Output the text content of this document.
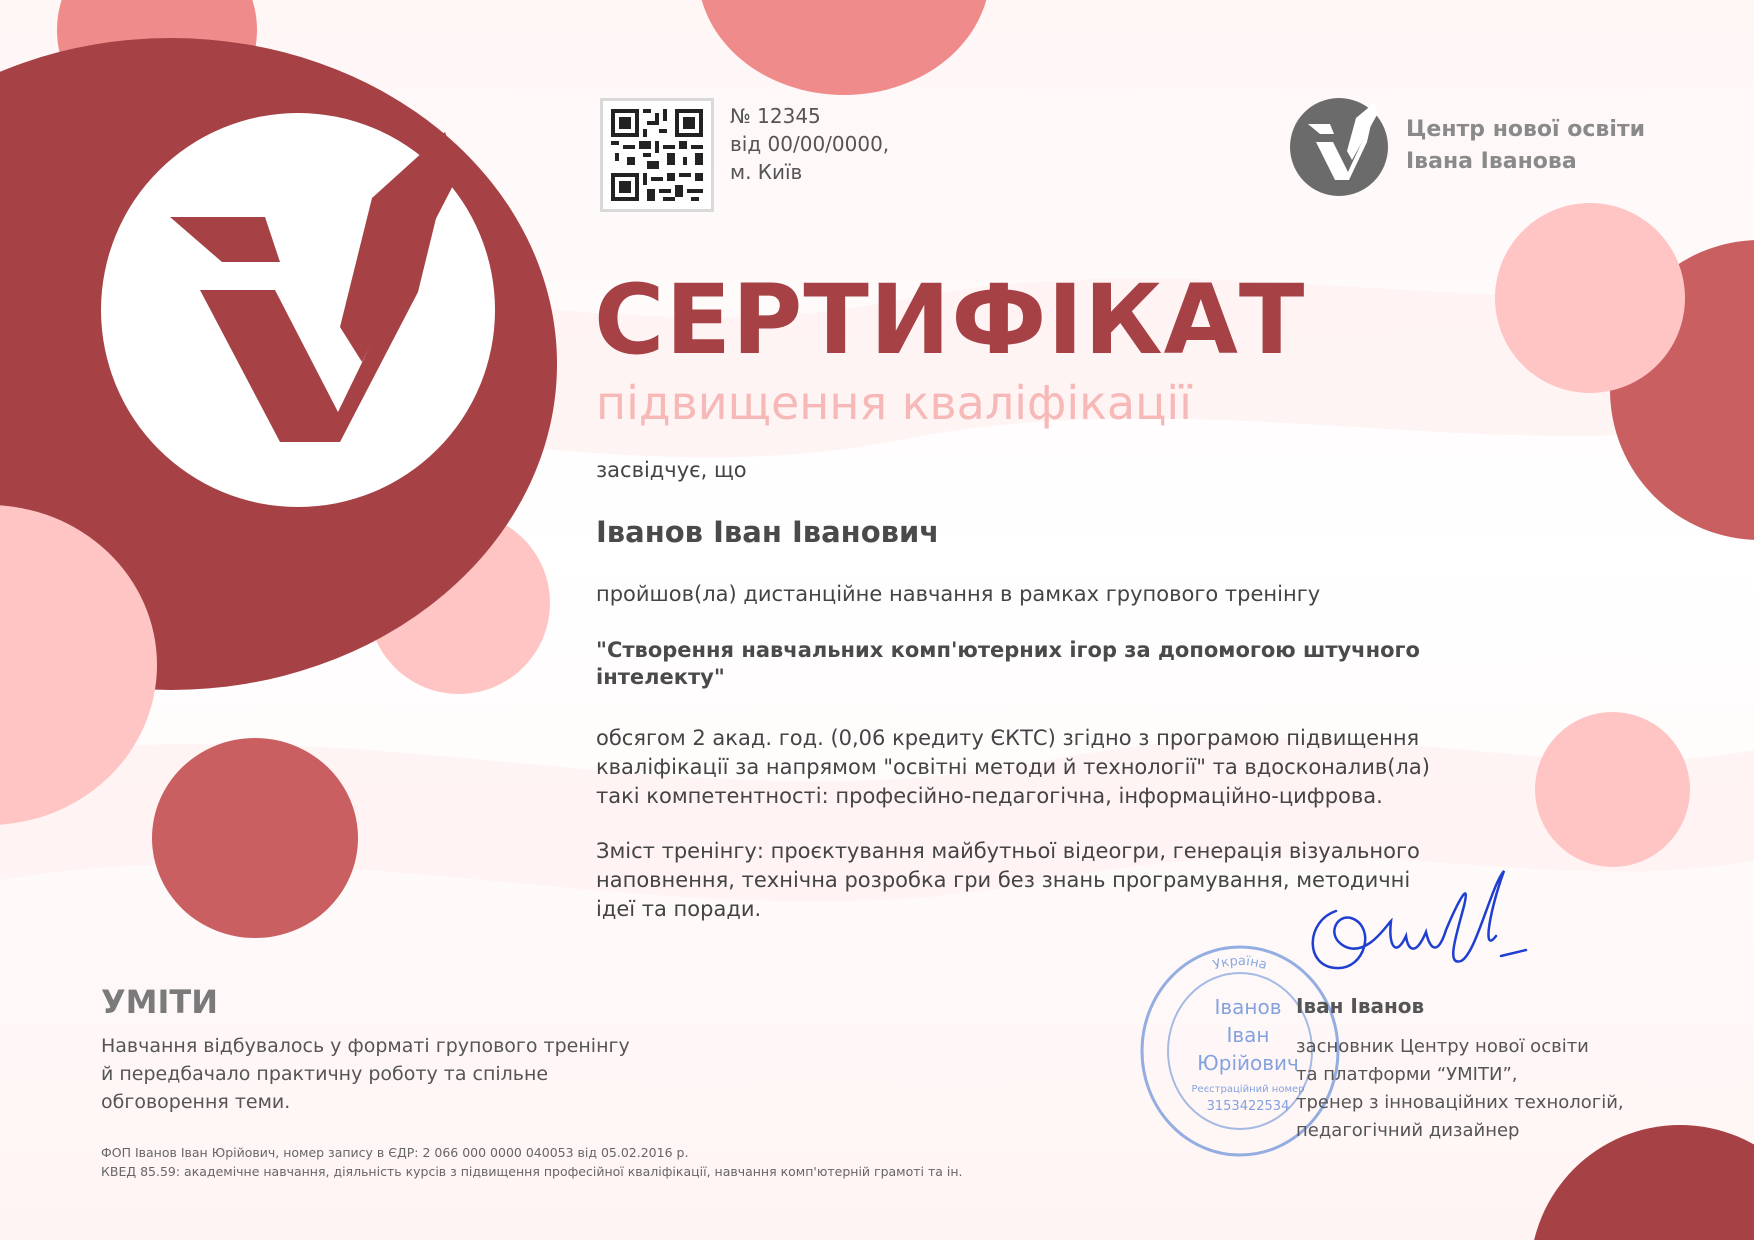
№ 12345
від 00/00/0000,
м. Київ
Центр нової освіти
Івана Іванова
СЕРТИФІКАТ
підвищення кваліфікації
засвідчує, що
Іванов Іван Іванович
пройшов(ла) дистанційне навчання в рамках групового тренінгу
"Створення навчальних комп'ютерних ігор за допомогою штучного
інтелекту"
обсягом 2 акад. год. (0,06 кредиту ЄКТС) згідно з програмою підвищення
кваліфікації за напрямом "освітні методи й технології" та вдосконалив(ла)
такі компетентності: професійно-педагогічна, інформаційно-цифрова.
Зміст тренінгу: проєктування майбутньої відеогри, генерація візуального
наповнення, технічна розробка гри без знань програмування, методичні
ідеї та поради.
УМІТИ
Навчання відбувалось у форматі групового тренінгу
й передбачало практичну роботу та спільне
обговорення теми.
ФОП Іванов Іван Юрійович, номер запису в ЄДР: 2 066 000 0000 040053 від 05.02.2016 р.
КВЕД 85.59: академічне навчання, діяльність курсів з підвищення професійної кваліфікації, навчання комп'ютерній грамоті та ін.
Україна
Іванов
Іван
Юрійович
Реєстраційний номер
3153422534
Іван Іванов
засновник Центру нової освіти
та платформи “УМІТИ”,
тренер з інноваційних технологій,
педагогічний дизайнер
